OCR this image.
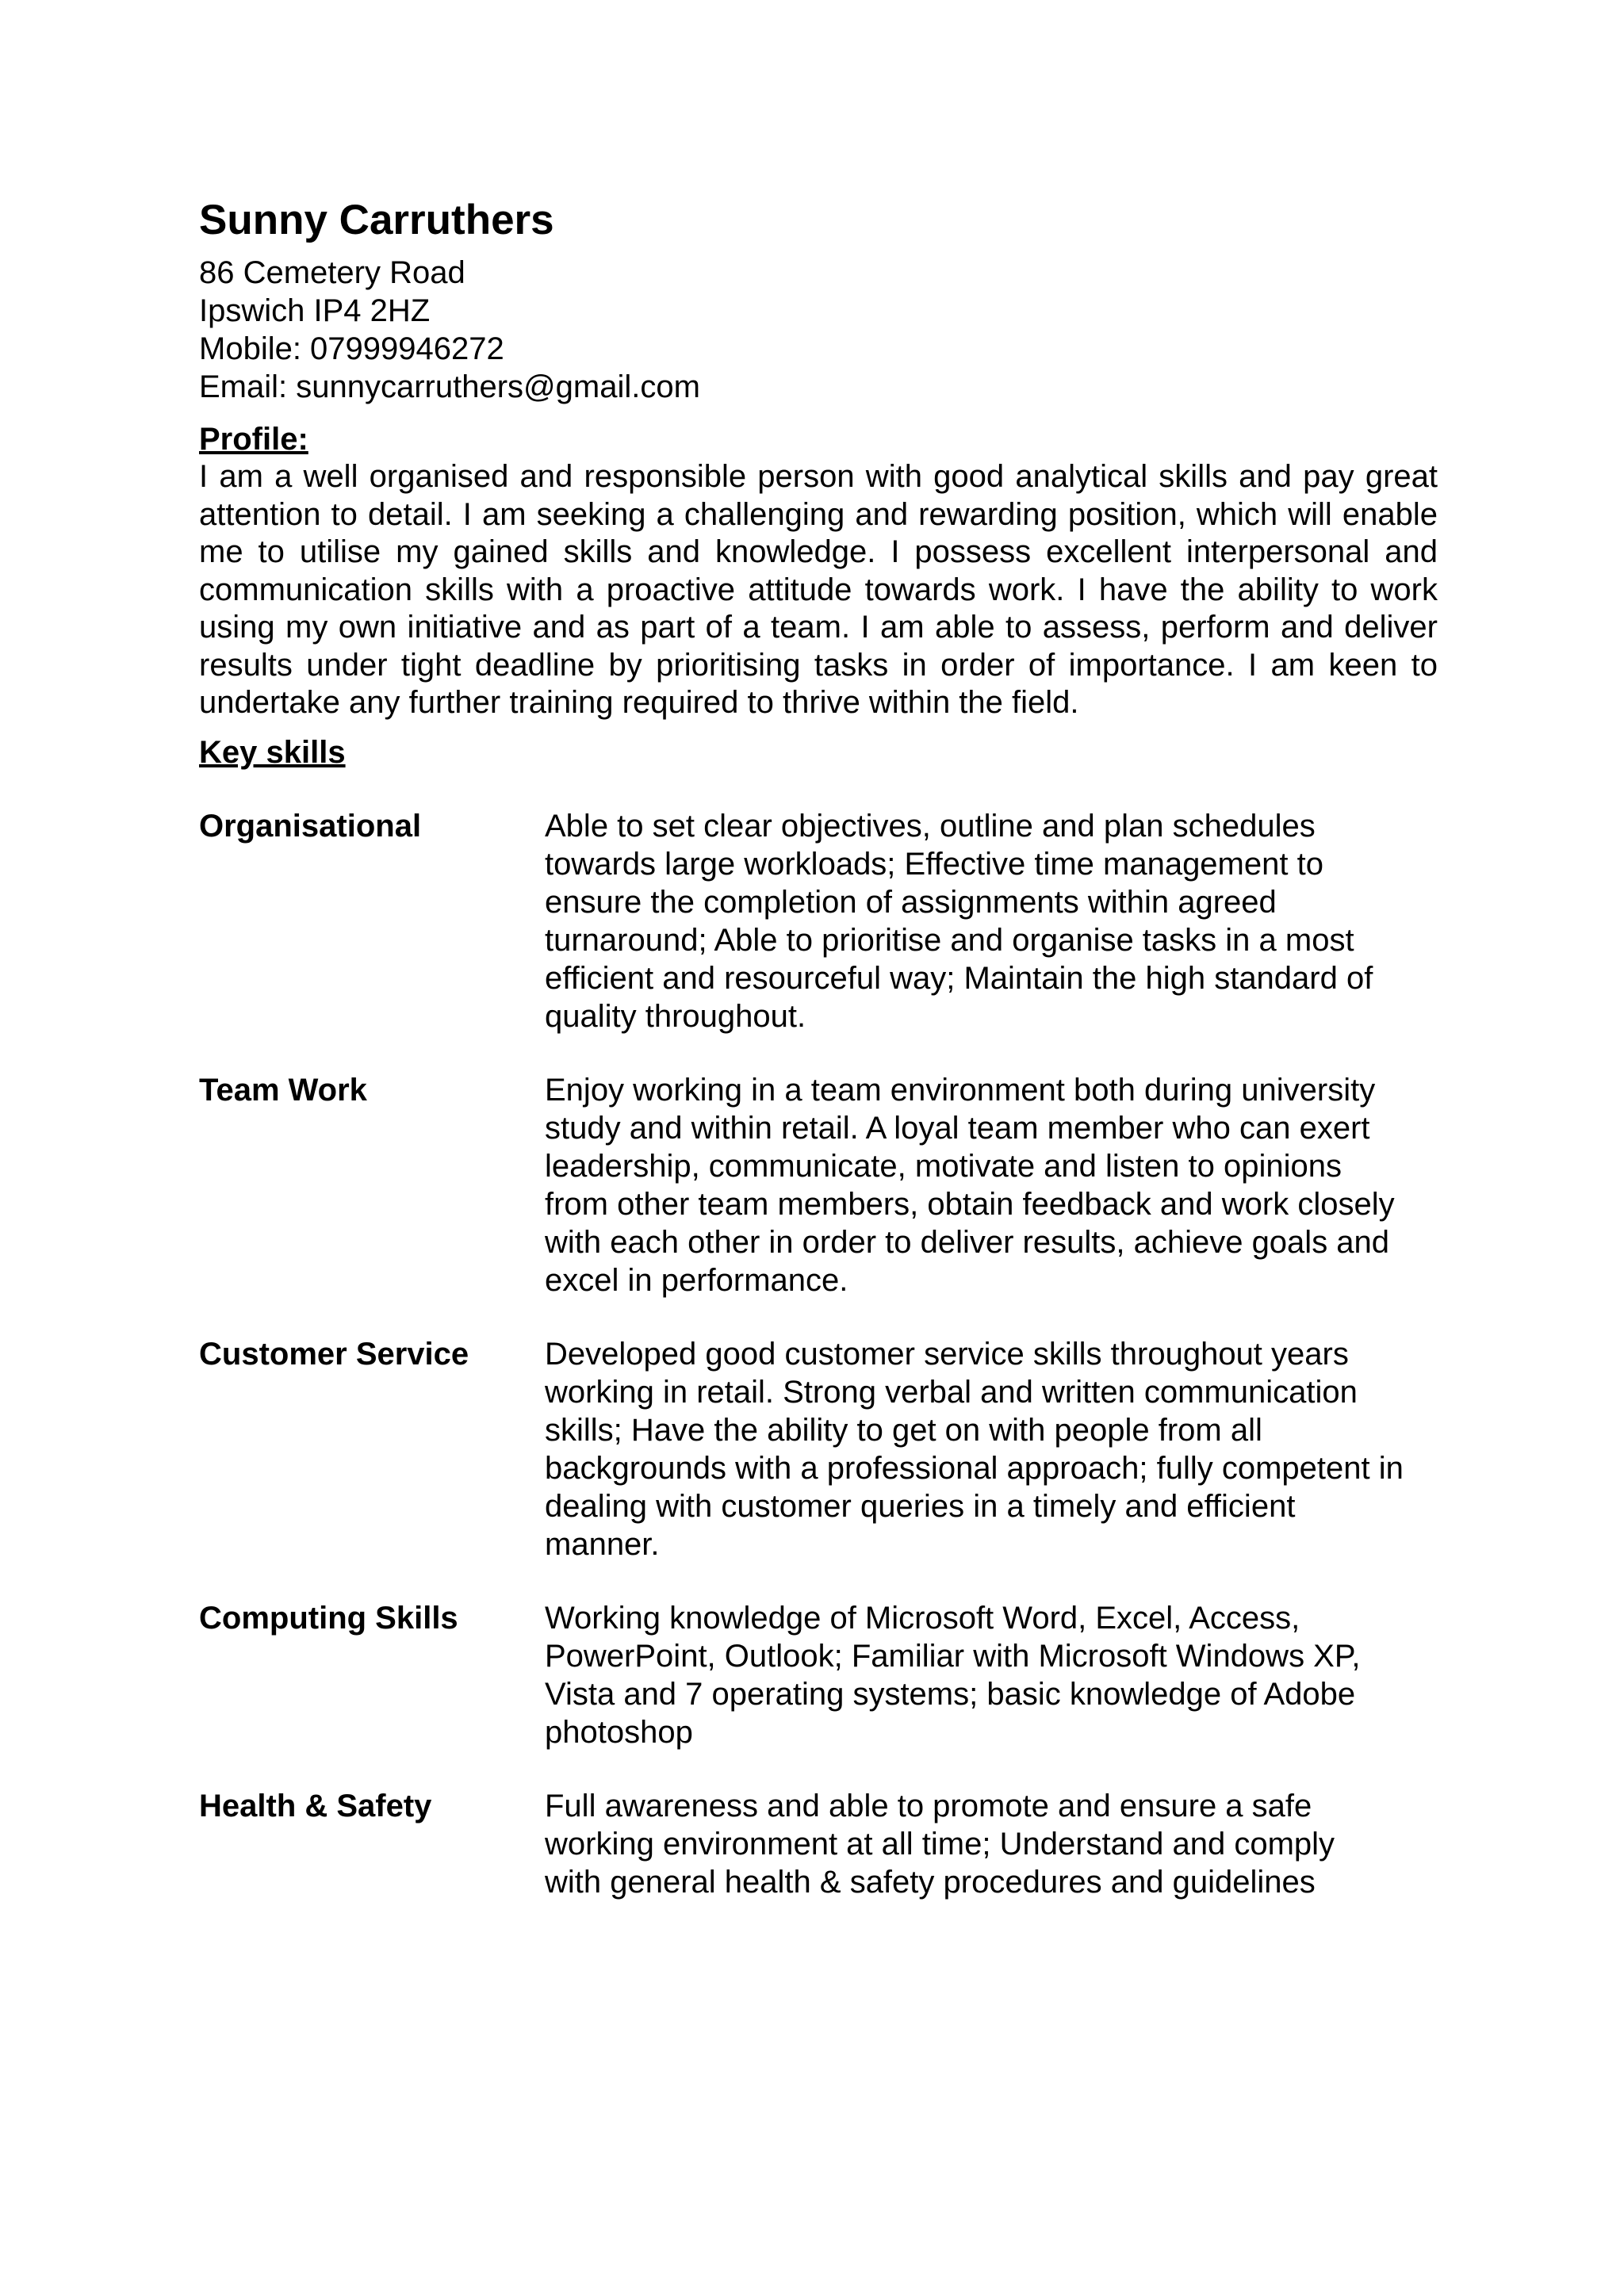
Sunny Carruthers
86 Cemetery Road
Ipswich IP4 2HZ
Mobile: 07999946272
Email: sunnycarruthers@gmail.com
Profile:

I am a well organised and responsible person with good analytical skills and pay great attention to detail. I am seeking a challenging and rewarding position, which will enable me to utilise my gained skills and knowledge. I possess excellent interpersonal and communication skills with a proactive attitude towards work. I have the ability to work using my own initiative and as part of a team. I am able to assess, perform and deliver results under tight deadline by prioritising tasks in order of importance. I am keen to undertake any further training required to thrive within the field.

Key skills
Organisational	Able to set clear objectives, outline and plan schedules
towards large workloads; Effective time management to
ensure the completion of assignments within agreed
turnaround; Able to prioritise and organise tasks in a most
efficient and resourceful way; Maintain the high standard of
quality throughout.
Team Work	Enjoy working in a team environment both during university
study and within retail. A loyal team member who can exert
leadership, communicate, motivate and listen to opinions
from other team members, obtain feedback and work closely
with each other in order to deliver results, achieve goals and
excel in performance.
Customer Service	Developed good customer service skills throughout years
working in retail. Strong verbal and written communication
skills; Have the ability to get on with people from all
backgrounds with a professional approach; fully competent in
dealing with customer queries in a timely and efficient
manner.
Computing Skills	Working knowledge of Microsoft Word, Excel, Access,
PowerPoint, Outlook; Familiar with Microsoft Windows XP,
Vista and 7 operating systems; basic knowledge of Adobe
photoshop
Health & Safety	Full awareness and able to promote and ensure a safe
working environment at all time; Understand and comply
with general health & safety procedures and guidelines
